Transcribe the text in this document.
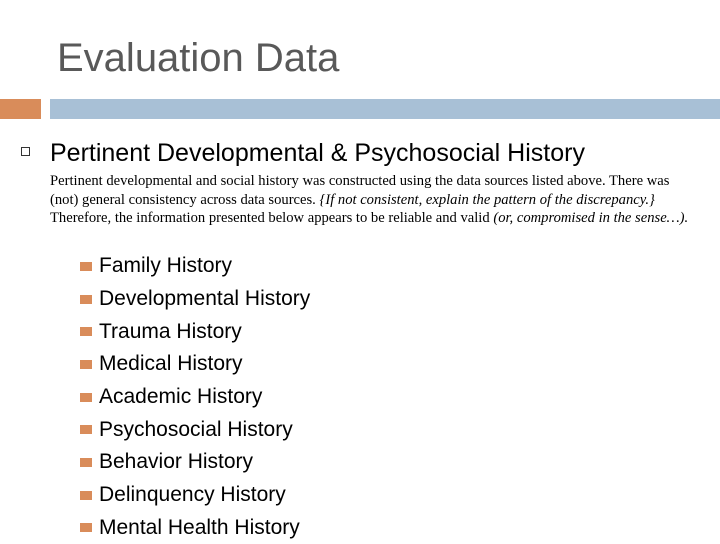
Evaluation Data
Pertinent Developmental & Psychosocial History
Pertinent developmental and social history was constructed using the data sources listed above. There was (not) general consistency across data sources. {If not consistent, explain the pattern of the discrepancy.} Therefore, the information presented below appears to be reliable and valid (or, compromised in the sense…).
Family History
Developmental History
Trauma History
Medical History
Academic History
Psychosocial History
Behavior History
Delinquency History
Mental Health History
